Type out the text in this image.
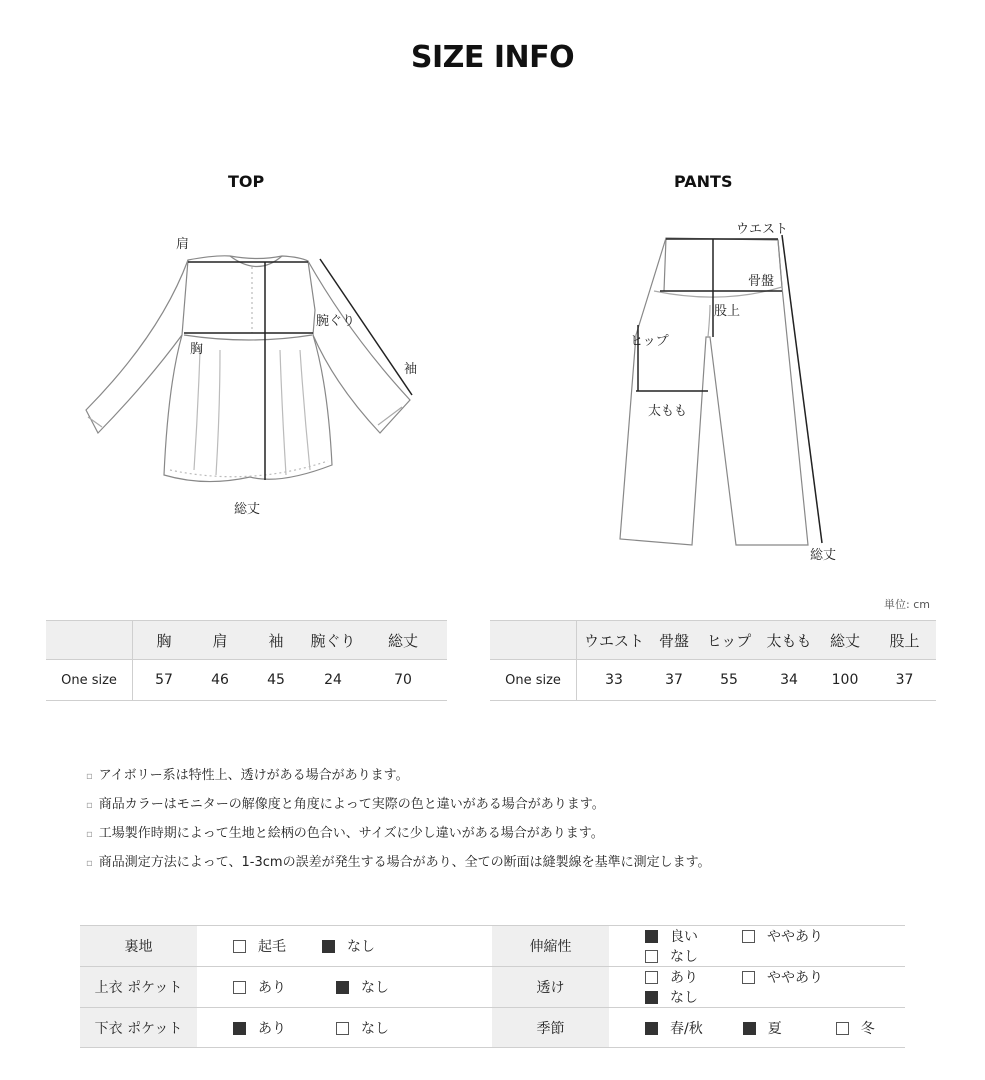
SIZE INFO
TOP
肩
腕ぐり
胸
袖
総丈
PANTS
ウエスト
骨盤
股上
ヒップ
太もも
総丈
単位: cm
	胸	肩	袖	腕ぐり	総丈
One size	57	46	45	24	70
	ウエスト	骨盤	ヒップ	太もも	総丈	股上
One size	33	37	55	34	100	37
▫ アイボリー系は特性上、透けがある場合があります。
▫ 商品カラーはモニターの解像度と角度によって実際の色と違いがある場合があります。
▫ 工場製作時期によって生地と絵柄の色合い、サイズに少し違いがある場合があります。
▫ 商品測定方法によって、1-3cmの誤差が発生する場合があり、全ての断面は縫製線を基準に測定します。
裏地	起毛 なし	伸縮性	良い ややありなし
上衣 ポケット	あり なし	透け	あり ややありなし
下衣 ポケット	あり なし	季節	春/秋 夏 冬
